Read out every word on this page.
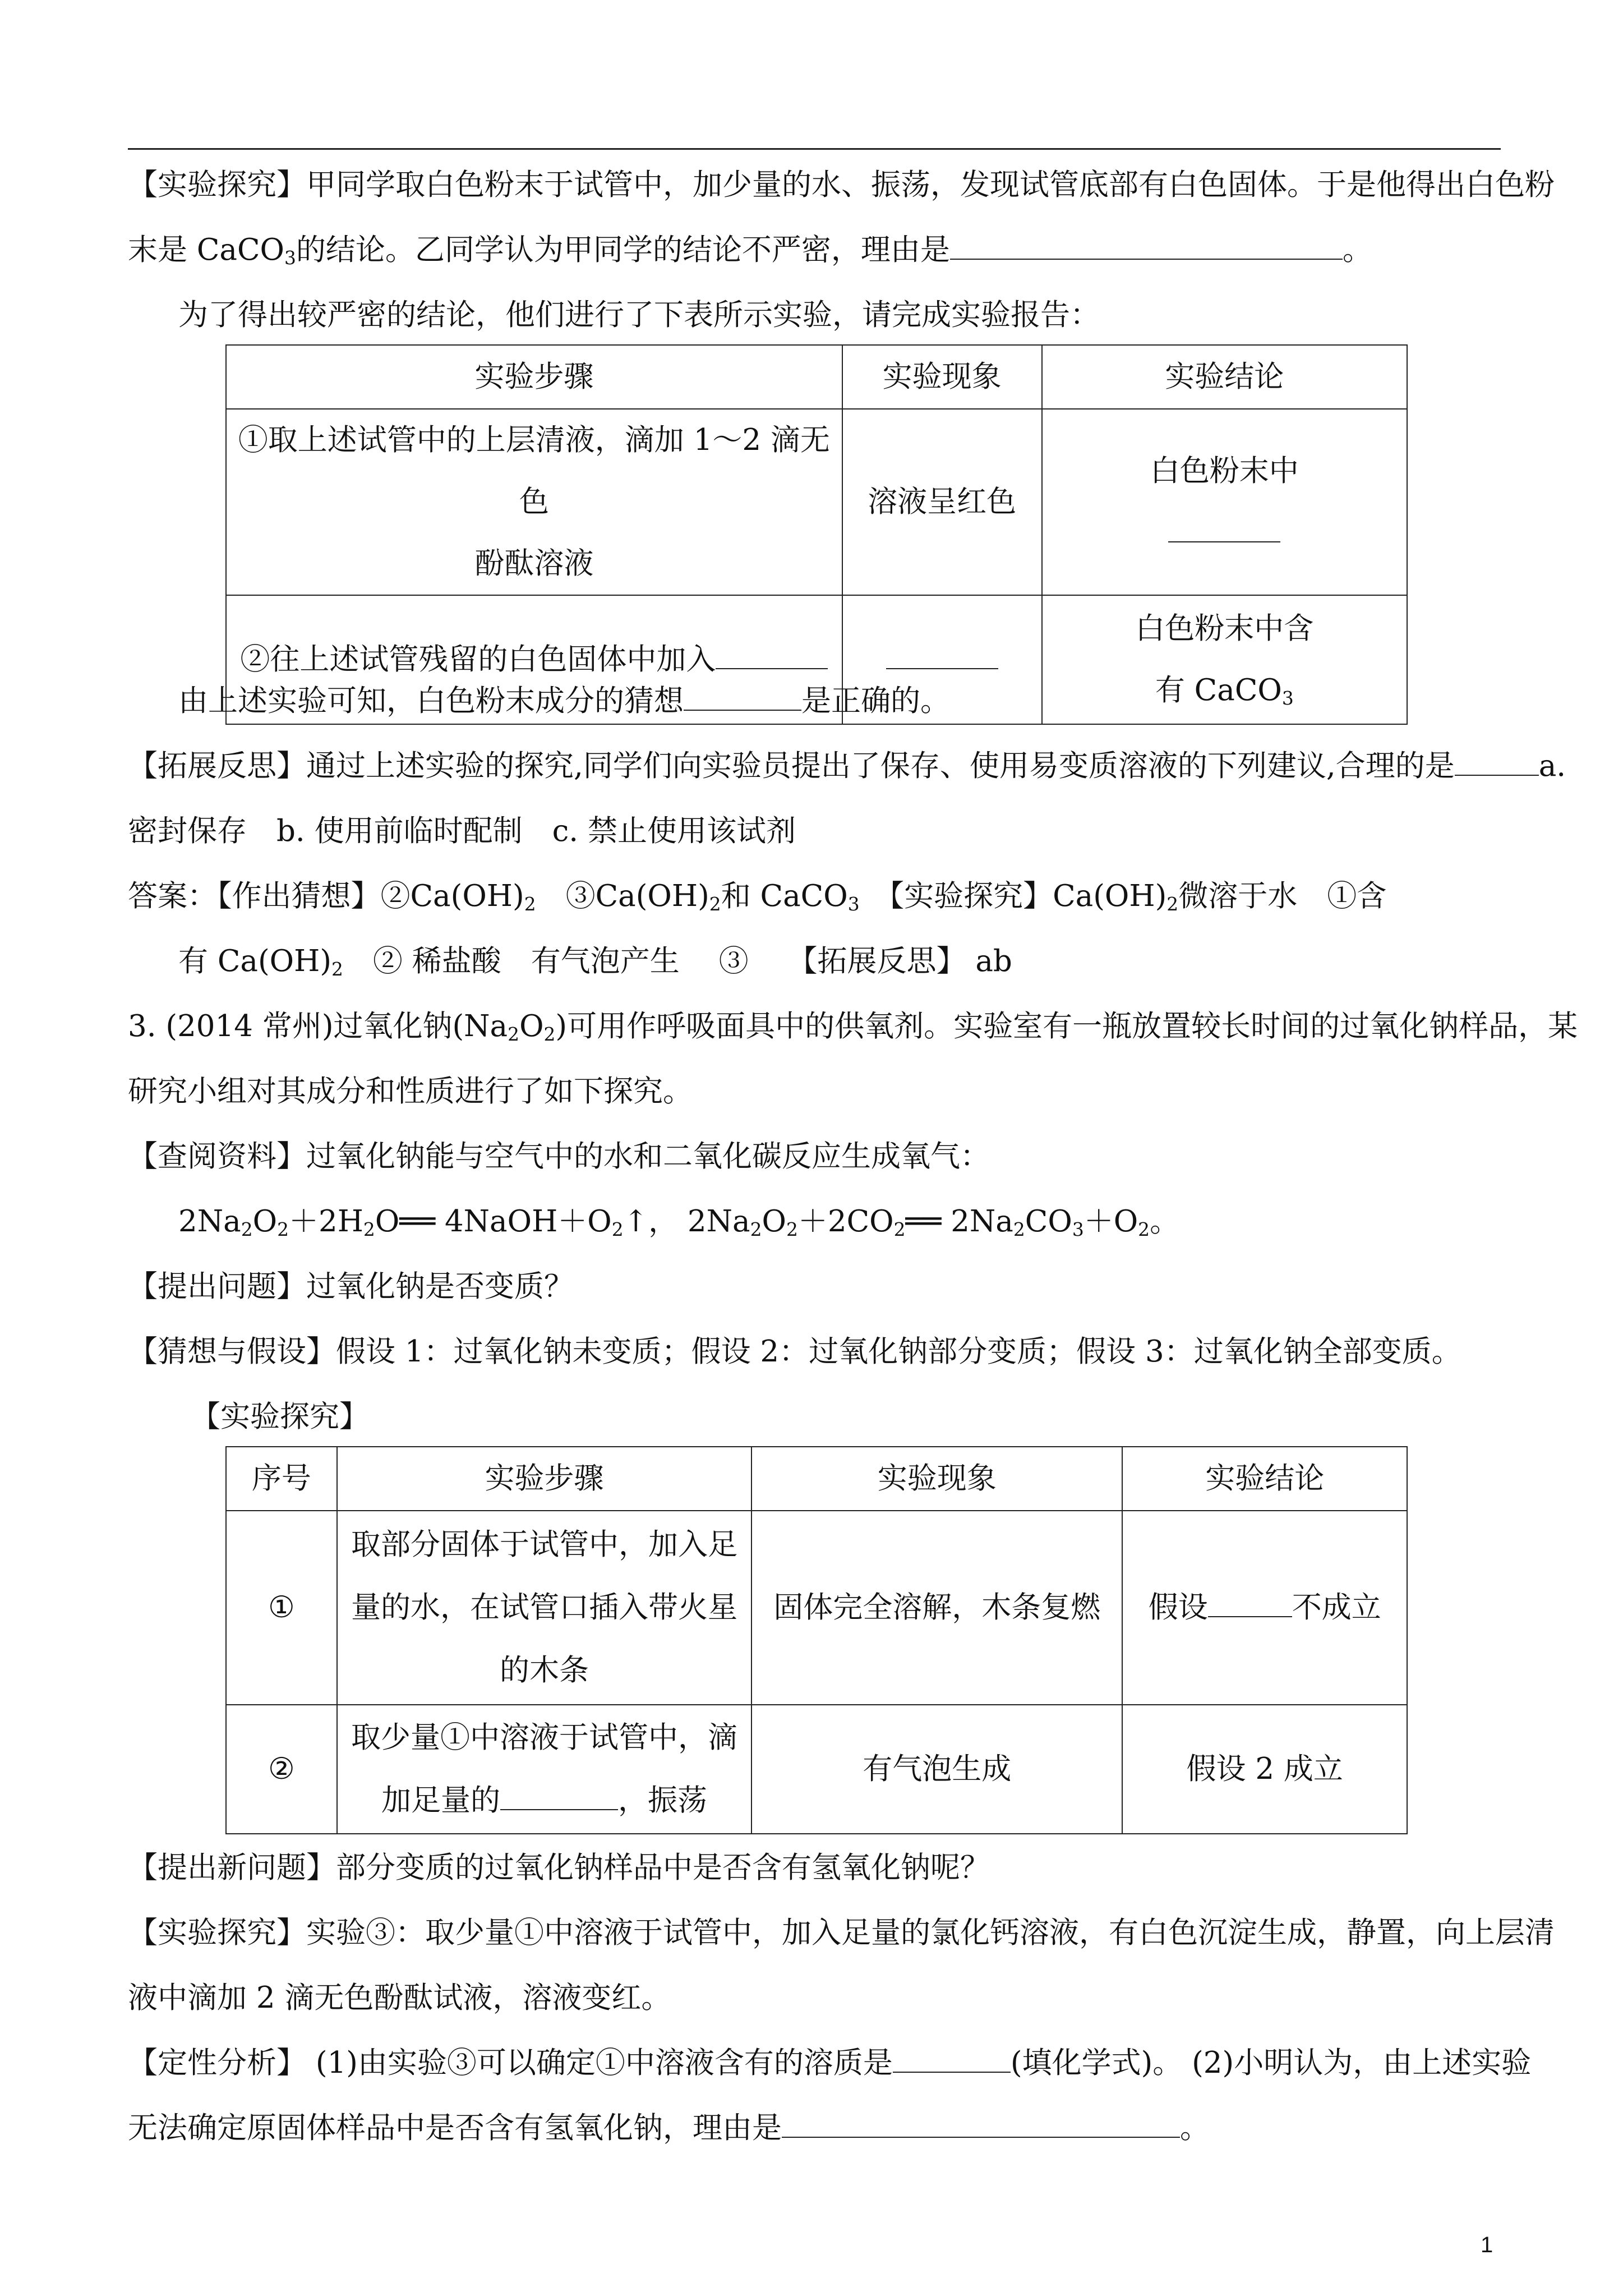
【实验探究】甲同学取白色粉末于试管中，加少量的水、振荡，发现试管底部有白色固体。于是他得出白色粉
末是 CaCO$_3$的结论。乙同学认为甲同学的结论不严密，理由是	。
为了得出较严密的结论，他们进行了下表所示实验，请完成实验报告：
实验步骤	实验现象	实验结论

①取上述试管中的上层清液，滴加 1～2 滴无色
酚酞溶液	溶液呈红色	白色粉末中

②往上述试管残留的白色固体中加入		白色粉末中含
有 CaCO$_3$
由上述实验可知，白色粉末成分的猜想	是正确的。
【拓展反思】通过上述实验的探究,同学们向实验员提出了保存、使用易变质溶液的下列建议,合理的是	a.
密封保存　b. 使用前临时配制　c. 禁止使用该试剂
答案：【作出猜想】$②Ca(OH)_2$　$③Ca(OH)_2$和 CaCO$_3$　【实验探究】$Ca(OH)_2$微溶于水　①含
有 $Ca(OH)_2$　② 稀盐酸　有气泡产生　 ③　 【拓展反思】 ab
3. (2014 常州)过氧化钠$(Na_2O_2)$可用作呼吸面具中的供氧剂。实验室有一瓶放置较长时间的过氧化钠样品，某
研究小组对其成分和性质进行了如下探究。
【查阅资料】过氧化钠能与空气中的水和二氧化碳反应生成氧气：
$2Na_2O_2+2H_2O══$ $4NaOH+O_2↑$， $2Na_2O_2+2CO_2══$ $2Na_2CO_3+O_2$。
【提出问题】过氧化钠是否变质？
【猜想与假设】假设 1：过氧化钠未变质；假设 2：过氧化钠部分变质；假设 3：过氧化钠全部变质。
【实验探究】
序号	实验步骤	实验现象	实验结论
①	取部分固体于试管中，加入足
量的水，在试管口插入带火星
的木条	固体完全溶解，木条复燃	假设 不成立
②	取少量①中溶液于试管中，滴
加足量的 ，振荡	有气泡生成	假设 2 成立
【提出新问题】部分变质的过氧化钠样品中是否含有氢氧化钠呢？
【实验探究】实验③：取少量①中溶液于试管中，加入足量的氯化钙溶液，有白色沉淀生成，静置，向上层清
液中滴加 2 滴无色酚酞试液，溶液变红。
【定性分析】 (1)由实验③可以确定①中溶液含有的溶质是	(填化学式)。 (2)小明认为，由上述实验
无法确定原固体样品中是否含有氢氧化钠，理由是	。
1
